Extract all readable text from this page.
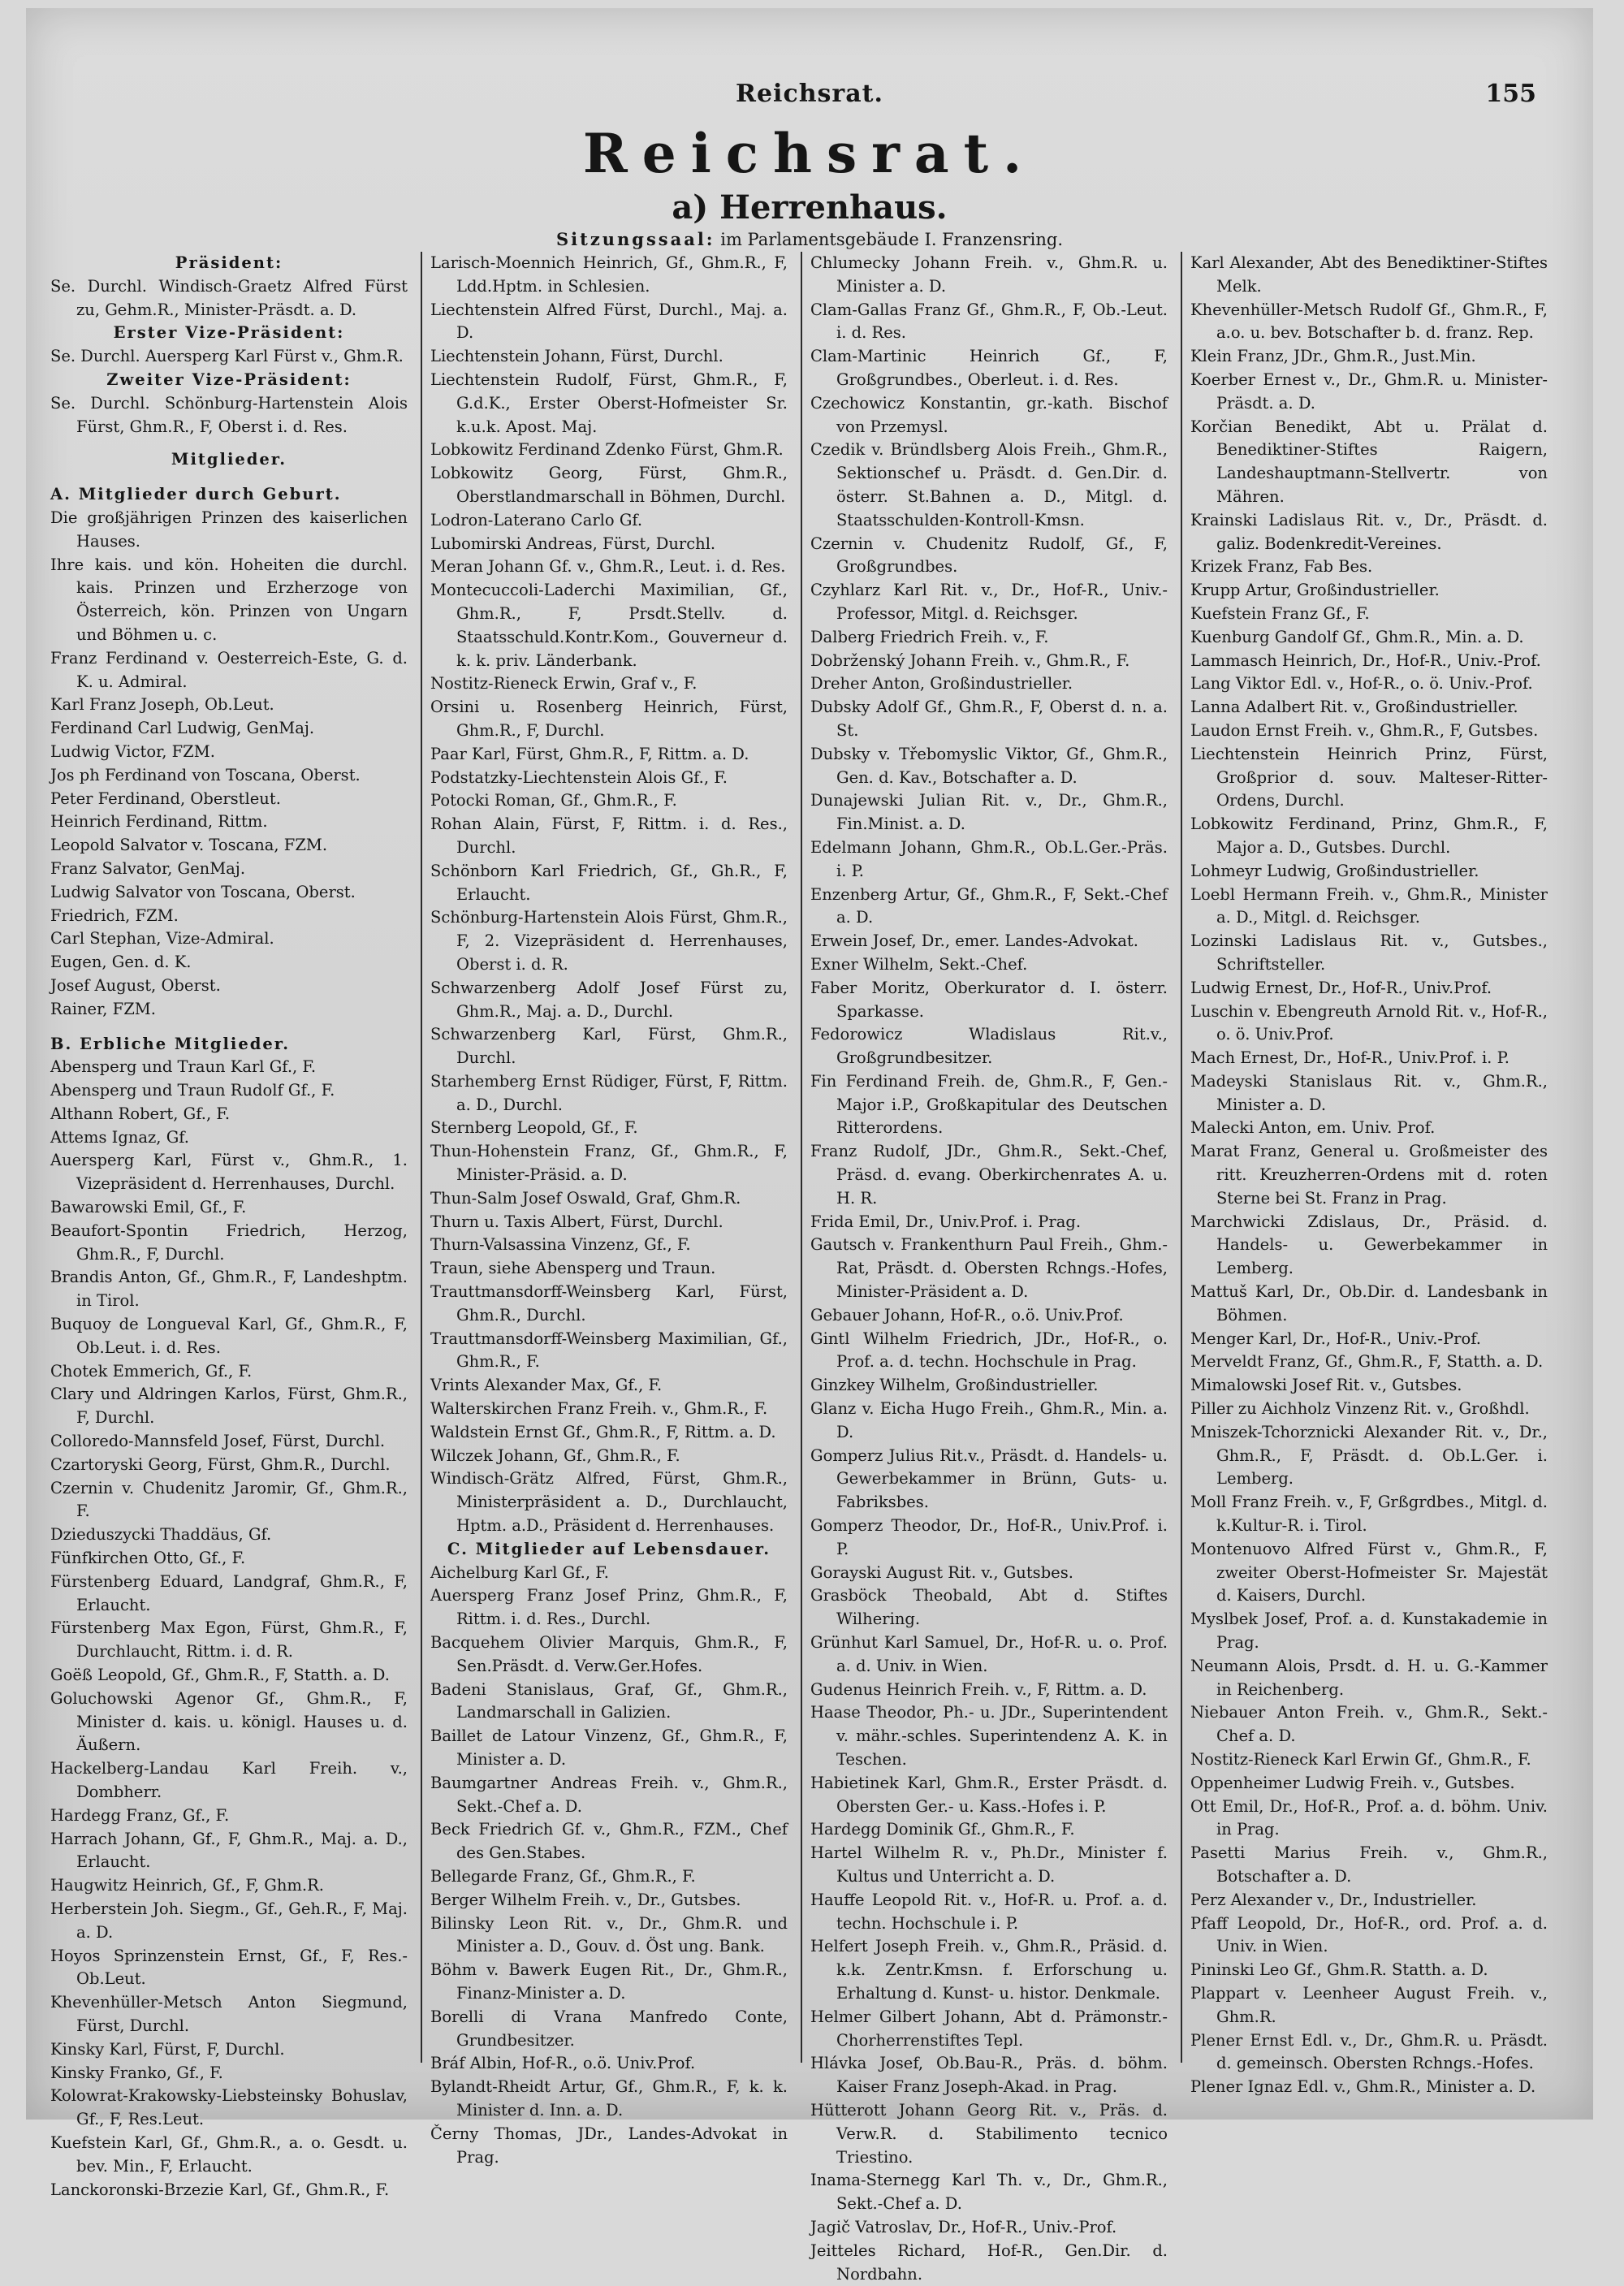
Reichsrat.	155
Reichsrat.
a) Herrenhaus.
Sitzungssaal: im Parlamentsgebäude I. Franzensring.

Präsident:

Se. Durchl. Windisch-Graetz Alfred Fürst zu, Gehm.R., Minister-Präsdt. a. D.

Erster Vize-Präsident:

Se. Durchl. Auersperg Karl Fürst v., Ghm.R.

Zweiter Vize-Präsident:

Se. Durchl. Schönburg-Hartenstein Alois Fürst, Ghm.R., F, Oberst i. d. Res.

Mitglieder.

A. Mitglieder durch Geburt.

Die großjährigen Prinzen des kaiserlichen Hauses.

Ihre kais. und kön. Hoheiten die durchl. kais. Prinzen und Erzherzoge von Österreich, kön. Prinzen von Ungarn und Böhmen u. c.

Franz Ferdinand v. Oesterreich-Este, G. d. K. u. Admiral.

Karl Franz Joseph, Ob.Leut.

Ferdinand Carl Ludwig, GenMaj.

Ludwig Victor, FZM.

Jos ph Ferdinand von Toscana, Oberst.

Peter Ferdinand, Oberstleut.

Heinrich Ferdinand, Rittm.

Leopold Salvator v. Toscana, FZM.

Franz Salvator, GenMaj.

Ludwig Salvator von Toscana, Oberst.

Friedrich, FZM.

Carl Stephan, Vize-Admiral.

Eugen, Gen. d. K.

Josef August, Oberst.

Rainer, FZM.

B. Erbliche Mitglieder.

Abensperg und Traun Karl Gf., F.

Abensperg und Traun Rudolf Gf., F.

Althann Robert, Gf., F.

Attems Ignaz, Gf.

Auersperg Karl, Fürst v., Ghm.R., 1. Vizepräsident d. Herrenhauses, Durchl.

Bawarowski Emil, Gf., F.

Beaufort-Spontin Friedrich, Herzog, Ghm.R., F, Durchl.

Brandis Anton, Gf., Ghm.R., F, Landeshptm. in Tirol.

Buquoy de Longueval Karl, Gf., Ghm.R., F, Ob.Leut. i. d. Res.

Chotek Emmerich, Gf., F.

Clary und Aldringen Karlos, Fürst, Ghm.R., F, Durchl.

Colloredo-Mannsfeld Josef, Fürst, Durchl.

Czartoryski Georg, Fürst, Ghm.R., Durchl.

Czernin v. Chudenitz Jaromir, Gf., Ghm.R., F.

Dzieduszycki Thaddäus, Gf.

Fünfkirchen Otto, Gf., F.

Fürstenberg Eduard, Landgraf, Ghm.R., F, Erlaucht.

Fürstenberg Max Egon, Fürst, Ghm.R., F, Durchlaucht, Rittm. i. d. R.

Goëß Leopold, Gf., Ghm.R., F, Statth. a. D.

Goluchowski Agenor Gf., Ghm.R., F, Minister d. kais. u. königl. Hauses u. d. Äußern.

Hackelberg-Landau Karl Freih. v., Dombherr.

Hardegg Franz, Gf., F.

Harrach Johann, Gf., F, Ghm.R., Maj. a. D., Erlaucht.

Haugwitz Heinrich, Gf., F, Ghm.R.

Herberstein Joh. Siegm., Gf., Geh.R., F, Maj. a. D.

Hoyos Sprinzenstein Ernst, Gf., F, Res.-Ob.Leut.

Khevenhüller-Metsch Anton Siegmund, Fürst, Durchl.

Kinsky Karl, Fürst, F, Durchl.

Kinsky Franko, Gf., F.

Kolowrat-Krakowsky-Liebsteinsky Bohuslav, Gf., F, Res.Leut.

Kuefstein Karl, Gf., Ghm.R., a. o. Gesdt. u. bev. Min., F, Erlaucht.

Lanckoronski-Brzezie Karl, Gf., Ghm.R., F.

Larisch-Moennich Heinrich, Gf., Ghm.R., F, Ldd.Hptm. in Schlesien.

Liechtenstein Alfred Fürst, Durchl., Maj. a. D.

Liechtenstein Johann, Fürst, Durchl.

Liechtenstein Rudolf, Fürst, Ghm.R., F, G.d.K., Erster Oberst-Hofmeister Sr. k.u.k. Apost. Maj.

Lobkowitz Ferdinand Zdenko Fürst, Ghm.R.

Lobkowitz Georg, Fürst, Ghm.R., Oberstlandmarschall in Böhmen, Durchl.

Lodron-Laterano Carlo Gf.

Lubomirski Andreas, Fürst, Durchl.

Meran Johann Gf. v., Ghm.R., Leut. i. d. Res.

Montecuccoli-Laderchi Maximilian, Gf., Ghm.R., F, Prsdt.Stellv. d. Staatsschuld.Kontr.Kom., Gouverneur d. k. k. priv. Länderbank.

Nostitz-Rieneck Erwin, Graf v., F.

Orsini u. Rosenberg Heinrich, Fürst, Ghm.R., F, Durchl.

Paar Karl, Fürst, Ghm.R., F, Rittm. a. D.

Podstatzky-Liechtenstein Alois Gf., F.

Potocki Roman, Gf., Ghm.R., F.

Rohan Alain, Fürst, F, Rittm. i. d. Res., Durchl.

Schönborn Karl Friedrich, Gf., Gh.R., F, Erlaucht.

Schönburg-Hartenstein Alois Fürst, Ghm.R., F, 2. Vizepräsident d. Herrenhauses, Oberst i. d. R.

Schwarzenberg Adolf Josef Fürst zu, Ghm.R., Maj. a. D., Durchl.

Schwarzenberg Karl, Fürst, Ghm.R., Durchl.

Starhemberg Ernst Rüdiger, Fürst, F, Rittm. a. D., Durchl.

Sternberg Leopold, Gf., F.

Thun-Hohenstein Franz, Gf., Ghm.R., F, Minister-Präsid. a. D.

Thun-Salm Josef Oswald, Graf, Ghm.R.

Thurn u. Taxis Albert, Fürst, Durchl.

Thurn-Valsassina Vinzenz, Gf., F.

Traun, siehe Abensperg und Traun.

Trauttmansdorff-Weinsberg Karl, Fürst, Ghm.R., Durchl.

Trauttmansdorff-Weinsberg Maximilian, Gf., Ghm.R., F.

Vrints Alexander Max, Gf., F.

Walterskirchen Franz Freih. v., Ghm.R., F.

Waldstein Ernst Gf., Ghm.R., F, Rittm. a. D.

Wilczek Johann, Gf., Ghm.R., F.

Windisch-Grätz Alfred, Fürst, Ghm.R., Ministerpräsident a. D., Durchlaucht, Hptm. a.D., Präsident d. Herrenhauses.

C. Mitglieder auf Lebensdauer.

Aichelburg Karl Gf., F.

Auersperg Franz Josef Prinz, Ghm.R., F, Rittm. i. d. Res., Durchl.

Bacquehem Olivier Marquis, Ghm.R., F, Sen.Präsdt. d. Verw.Ger.Hofes.

Badeni Stanislaus, Graf, Gf., Ghm.R., Landmarschall in Galizien.

Baillet de Latour Vinzenz, Gf., Ghm.R., F, Minister a. D.

Baumgartner Andreas Freih. v., Ghm.R., Sekt.-Chef a. D.

Beck Friedrich Gf. v., Ghm.R., FZM., Chef des Gen.Stabes.

Bellegarde Franz, Gf., Ghm.R., F.

Berger Wilhelm Freih. v., Dr., Gutsbes.

Bilinsky Leon Rit. v., Dr., Ghm.R. und Minister a. D., Gouv. d. Öst ung. Bank.

Böhm v. Bawerk Eugen Rit., Dr., Ghm.R., Finanz-Minister a. D.

Borelli di Vrana Manfredo Conte, Grundbesitzer.

Bráf Albin, Hof-R., o.ö. Univ.Prof.

Bylandt-Rheidt Artur, Gf., Ghm.R., F, k. k. Minister d. Inn. a. D.

Černy Thomas, JDr., Landes-Advokat in Prag.

Chlumecky Johann Freih. v., Ghm.R. u. Minister a. D.

Clam-Gallas Franz Gf., Ghm.R., F, Ob.-Leut. i. d. Res.

Clam-Martinic Heinrich Gf., F, Großgrundbes., Oberleut. i. d. Res.

Czechowicz Konstantin, gr.-kath. Bischof von Przemysl.

Czedik v. Bründlsberg Alois Freih., Ghm.R., Sektionschef u. Präsdt. d. Gen.Dir. d. österr. St.Bahnen a. D., Mitgl. d. Staatsschulden-Kontroll-Kmsn.

Czernin v. Chudenitz Rudolf, Gf., F, Großgrundbes.

Czyhlarz Karl Rit. v., Dr., Hof-R., Univ.-Professor, Mitgl. d. Reichsger.

Dalberg Friedrich Freih. v., F.

Dobrženský Johann Freih. v., Ghm.R., F.

Dreher Anton, Großindustrieller.

Dubsky Adolf Gf., Ghm.R., F, Oberst d. n. a. St.

Dubsky v. Třebomyslic Viktor, Gf., Ghm.R., Gen. d. Kav., Botschafter a. D.

Dunajewski Julian Rit. v., Dr., Ghm.R., Fin.Minist. a. D.

Edelmann Johann, Ghm.R., Ob.L.Ger.-Präs. i. P.

Enzenberg Artur, Gf., Ghm.R., F, Sekt.-Chef a. D.

Erwein Josef, Dr., emer. Landes-Advokat.

Exner Wilhelm, Sekt.-Chef.

Faber Moritz, Oberkurator d. I. österr. Sparkasse.

Fedorowicz Wladislaus Rit.v., Großgrundbesitzer.

Fin Ferdinand Freih. de, Ghm.R., F, Gen.-Major i.P., Großkapitular des Deutschen Ritterordens.

Franz Rudolf, JDr., Ghm.R., Sekt.-Chef, Präsd. d. evang. Oberkirchenrates A. u. H. R.

Frida Emil, Dr., Univ.Prof. i. Prag.

Gautsch v. Frankenthurn Paul Freih., Ghm.-Rat, Präsdt. d. Obersten Rchngs.-Hofes, Minister-Präsident a. D.

Gebauer Johann, Hof-R., o.ö. Univ.Prof.

Gintl Wilhelm Friedrich, JDr., Hof-R., o. Prof. a. d. techn. Hochschule in Prag.

Ginzkey Wilhelm, Großindustrieller.

Glanz v. Eicha Hugo Freih., Ghm.R., Min. a. D.

Gomperz Julius Rit.v., Präsdt. d. Handels- u. Gewerbekammer in Brünn, Guts- u. Fabriksbes.

Gomperz Theodor, Dr., Hof-R., Univ.Prof. i. P.

Gorayski August Rit. v., Gutsbes.

Grasböck Theobald, Abt d. Stiftes Wilhering.

Grünhut Karl Samuel, Dr., Hof-R. u. o. Prof. a. d. Univ. in Wien.

Gudenus Heinrich Freih. v., F, Rittm. a. D.

Haase Theodor, Ph.- u. JDr., Superintendent v. mähr.-schles. Superintendenz A. K. in Teschen.

Habietinek Karl, Ghm.R., Erster Präsdt. d. Obersten Ger.- u. Kass.-Hofes i. P.

Hardegg Dominik Gf., Ghm.R., F.

Hartel Wilhelm R. v., Ph.Dr., Minister f. Kultus und Unterricht a. D.

Hauffe Leopold Rit. v., Hof-R. u. Prof. a. d. techn. Hochschule i. P.

Helfert Joseph Freih. v., Ghm.R., Präsid. d. k.k. Zentr.Kmsn. f. Erforschung u. Erhaltung d. Kunst- u. histor. Denkmale.

Helmer Gilbert Johann, Abt d. Prämonstr.-Chorherrenstiftes Tepl.

Hlávka Josef, Ob.Bau-R., Präs. d. böhm. Kaiser Franz Joseph-Akad. in Prag.

Hütterott Johann Georg Rit. v., Präs. d. Verw.R. d. Stabilimento tecnico Triestino.

Inama-Sternegg Karl Th. v., Dr., Ghm.R., Sekt.-Chef a. D.

Jagič Vatroslav, Dr., Hof-R., Univ.-Prof.

Jeitteles Richard, Hof-R., Gen.Dir. d. Nordbahn.

Karl Alexander, Abt des Benediktiner-Stiftes Melk.

Khevenhüller-Metsch Rudolf Gf., Ghm.R., F, a.o. u. bev. Botschafter b. d. franz. Rep.

Klein Franz, JDr., Ghm.R., Just.Min.

Koerber Ernest v., Dr., Ghm.R. u. Minister-Präsdt. a. D.

Korčian Benedikt, Abt u. Prälat d. Benediktiner-Stiftes Raigern, Landeshauptmann-Stellvertr. von Mähren.

Krainski Ladislaus Rit. v., Dr., Präsdt. d. galiz. Bodenkredit-Vereines.

Krizek Franz, Fab Bes.

Krupp Artur, Großindustrieller.

Kuefstein Franz Gf., F.

Kuenburg Gandolf Gf., Ghm.R., Min. a. D.

Lammasch Heinrich, Dr., Hof-R., Univ.-Prof.

Lang Viktor Edl. v., Hof-R., o. ö. Univ.-Prof.

Lanna Adalbert Rit. v., Großindustrieller.

Laudon Ernst Freih. v., Ghm.R., F, Gutsbes.

Liechtenstein Heinrich Prinz, Fürst, Großprior d. souv. Malteser-Ritter-Ordens, Durchl.

Lobkowitz Ferdinand, Prinz, Ghm.R., F, Major a. D., Gutsbes. Durchl.

Lohmeyr Ludwig, Großindustrieller.

Loebl Hermann Freih. v., Ghm.R., Minister a. D., Mitgl. d. Reichsger.

Lozinski Ladislaus Rit. v., Gutsbes., Schriftsteller.

Ludwig Ernest, Dr., Hof-R., Univ.Prof.

Luschin v. Ebengreuth Arnold Rit. v., Hof-R., o. ö. Univ.Prof.

Mach Ernest, Dr., Hof-R., Univ.Prof. i. P.

Madeyski Stanislaus Rit. v., Ghm.R., Minister a. D.

Malecki Anton, em. Univ. Prof.

Marat Franz, General u. Großmeister des ritt. Kreuzherren-Ordens mit d. roten Sterne bei St. Franz in Prag.

Marchwicki Zdislaus, Dr., Präsid. d. Handels- u. Gewerbekammer in Lemberg.

Mattuš Karl, Dr., Ob.Dir. d. Landesbank in Böhmen.

Menger Karl, Dr., Hof-R., Univ.-Prof.

Merveldt Franz, Gf., Ghm.R., F, Statth. a. D.

Mimalowski Josef Rit. v., Gutsbes.

Piller zu Aichholz Vinzenz Rit. v., Großhdl.

Mniszek-Tchorznicki Alexander Rit. v., Dr., Ghm.R., F, Präsdt. d. Ob.L.Ger. i. Lemberg.

Moll Franz Freih. v., F, Grßgrdbes., Mitgl. d. k.Kultur-R. i. Tirol.

Montenuovo Alfred Fürst v., Ghm.R., F, zweiter Oberst-Hofmeister Sr. Majestät d. Kaisers, Durchl.

Myslbek Josef, Prof. a. d. Kunstakademie in Prag.

Neumann Alois, Prsdt. d. H. u. G.-Kammer in Reichenberg.

Niebauer Anton Freih. v., Ghm.R., Sekt.-Chef a. D.

Nostitz-Rieneck Karl Erwin Gf., Ghm.R., F.

Oppenheimer Ludwig Freih. v., Gutsbes.

Ott Emil, Dr., Hof-R., Prof. a. d. böhm. Univ. in Prag.

Pasetti Marius Freih. v., Ghm.R., Botschafter a. D.

Perz Alexander v., Dr., Industrieller.

Pfaff Leopold, Dr., Hof-R., ord. Prof. a. d. Univ. in Wien.

Pininski Leo Gf., Ghm.R. Statth. a. D.

Plappart v. Leenheer August Freih. v., Ghm.R.

Plener Ernst Edl. v., Dr., Ghm.R. u. Präsdt. d. gemeinsch. Obersten Rchngs.-Hofes.

Plener Ignaz Edl. v., Ghm.R., Minister a. D.
